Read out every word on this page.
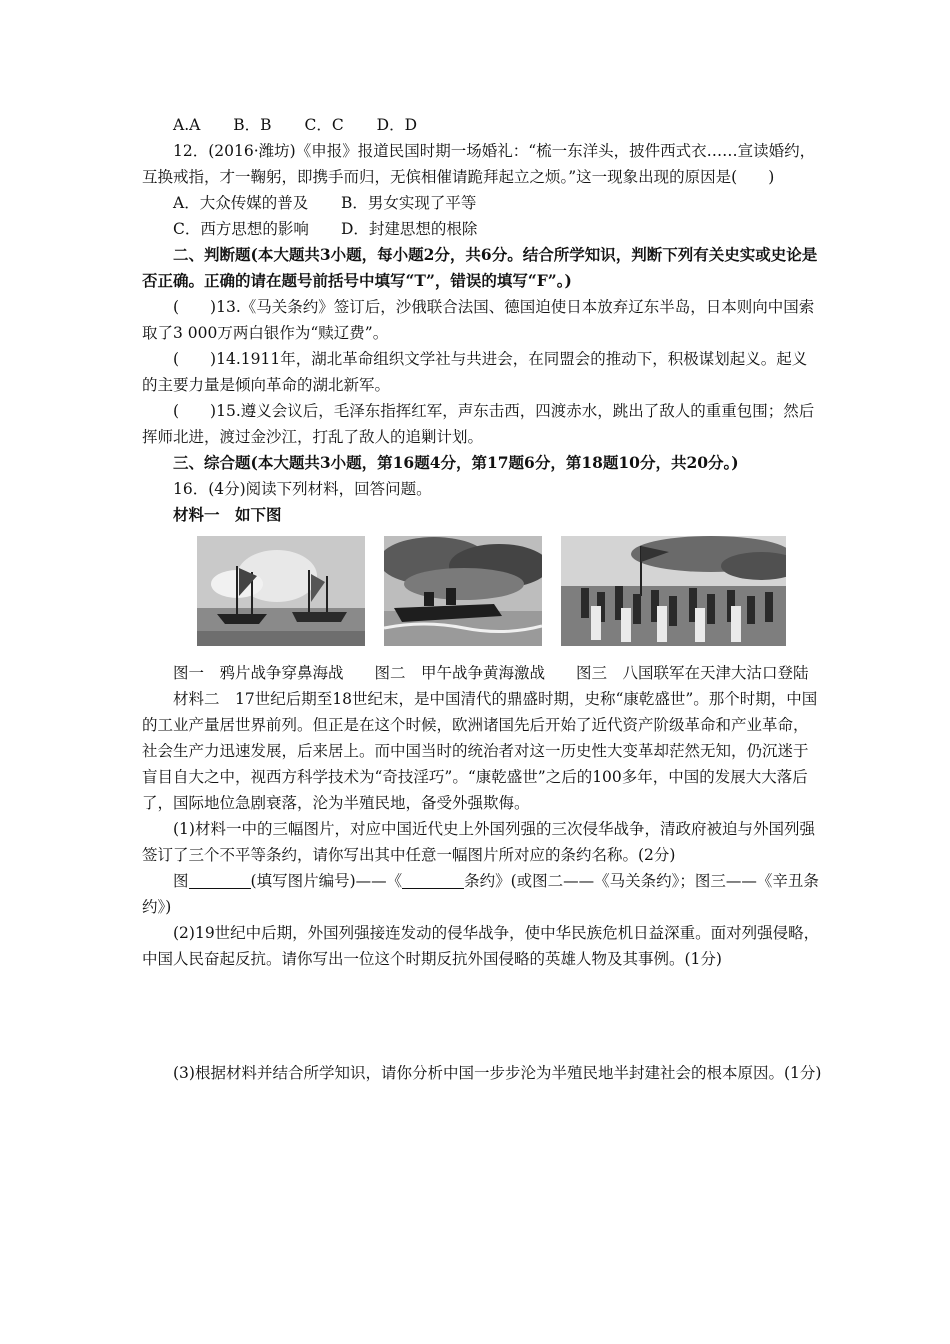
A.A B．B C．C D．D
12．(2016·潍坊)《申报》报道民国时期一场婚礼：“梳一东洋头，披件西式衣……宣读婚约，互换戒指，才一鞠躬，即携手而归，无傧相催请跪拜起立之烦。”这一现象出现的原因是(　　)
A．大众传媒的普及 B．男女实现了平等
C．西方思想的影响 D．封建思想的根除
二、判断题(本大题共3小题，每小题2分，共6分。结合所学知识，判断下列有关史实或史论是否正确。正确的请在题号前括号中填写“T”，错误的填写“F”。)
(　　)13.《马关条约》签订后，沙俄联合法国、德国迫使日本放弃辽东半岛，日本则向中国索取了3 000万两白银作为“赎辽费”。
(　　)14.1911年，湖北革命组织文学社与共进会，在同盟会的推动下，积极谋划起义。起义的主要力量是倾向革命的湖北新军。
(　　)15.遵义会议后，毛泽东指挥红军，声东击西，四渡赤水，跳出了敌人的重重包围；然后挥师北进，渡过金沙江，打乱了敌人的追剿计划。
三、综合题(本大题共3小题，第16题4分，第17题6分，第18题10分，共20分。)
16．(4分)阅读下列材料，回答问题。
材料一　如下图
图一　鸦片战争穿鼻海战　　图二　甲午战争黄海激战　　图三　八国联军在天津大沽口登陆
材料二　17世纪后期至18世纪末，是中国清代的鼎盛时期，史称“康乾盛世”。那个时期，中国的工业产量居世界前列。但正是在这个时候，欧洲诸国先后开始了近代资产阶级革命和产业革命，社会生产力迅速发展，后来居上。而中国当时的统治者对这一历史性大变革却茫然无知，仍沉迷于盲目自大之中，视西方科学技术为“奇技淫巧”。“康乾盛世”之后的100多年，中国的发展大大落后了，国际地位急剧衰落，沦为半殖民地，备受外强欺侮。
(1)材料一中的三幅图片，对应中国近代史上外国列强的三次侵华战争，清政府被迫与外国列强签订了三个不平等条约，请你写出其中任意一幅图片所对应的条约名称。(2分)
图	(填写图片编号)——《	条约》(或图二——《马关条约》；图三——《辛丑条约》)
(2)19世纪中后期，外国列强接连发动的侵华战争，使中华民族危机日益深重。面对列强侵略，中国人民奋起反抗。请你写出一位这个时期反抗外国侵略的英雄人物及其事例。(1分)
(3)根据材料并结合所学知识，请你分析中国一步步沦为半殖民地半封建社会的根本原因。(1分)
